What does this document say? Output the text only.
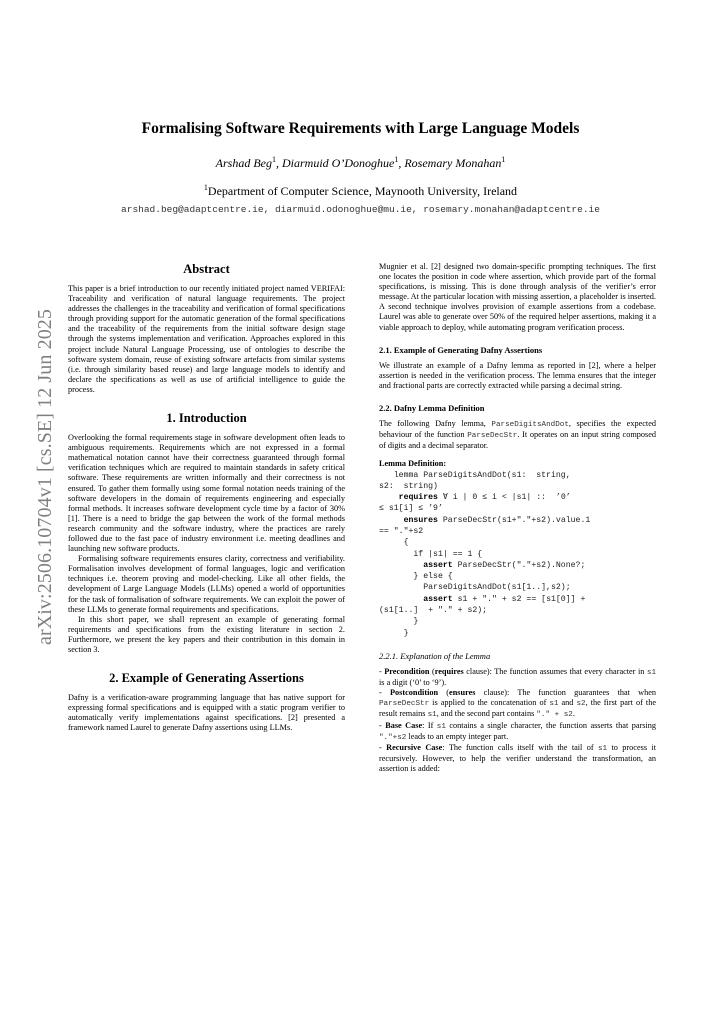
arXiv:2506.10704v1 [cs.SE] 12 Jun 2025
Formalising Software Requirements with Large Language Models
Arshad Beg$^1$, Diarmuid O’Donoghue$^1$, Rosemary Monahan$^1$
$^1$Department of Computer Science, Maynooth University, Ireland
arshad.beg@adaptcentre.ie, diarmuid.odonoghue@mu.ie, rosemary.monahan@adaptcentre.ie
Abstract

This paper is a brief introduction to our recently initiated project named VERIFAI: Traceability and verification of natural language requirements. The project addresses the challenges in the traceability and verification of formal specifications through providing support for the automatic generation of the formal specifications and the traceability of the requirements from the initial software design stage through the systems implementation and verification. Approaches explored in this project include Natural Language Processing, use of ontologies to describe the software system domain, reuse of existing software artefacts from similar systems (i.e. through similarity based reuse) and large language models to identify and declare the specifications as well as use of artificial intelligence to guide the process.

1. Introduction

Overlooking the formal requirements stage in software development often leads to ambiguous requirements. Requirements which are not expressed in a formal mathematical notation cannot have their correctness guaranteed through formal verification techniques which are required to maintain standards in safety critical software. These requirements are written informally and their correctness is not ensured. To gather them formally using some formal notation needs training of the software developers in the domain of requirements engineering and especially formal methods. It increases software development cycle time by a factor of 30% [1]. There is a need to bridge the gap between the work of the formal methods research community and the software industry, where the practices are rarely followed due to the fast pace of industry environment i.e. meeting deadlines and launching new software products.

Formalising software requirements ensures clarity, correctness and verifiability. Formalisation involves development of formal languages, logic and verification techniques i.e. theorem proving and model-checking. Like all other fields, the development of Large Language Models (LLMs) opened a world of opportunities for the task of formalisation of software requirements. We can exploit the power of these LLMs to generate formal requirements and specifications.

In this short paper, we shall represent an example of generating formal requirements and specifications from the existing literature in section 2. Furthermore, we present the key papers and their contribution in this domain in section 3.

2. Example of Generating Assertions

Dafny is a verification-aware programming language that has native support for expressing formal specifications and is equipped with a static program verifier to automatically verify implementations against specifications. [2] presented a framework named Laurel to generate Dafny assertions using LLMs.

Mugnier et al. [2] designed two domain-specific prompting techniques. The first one locates the position in code where assertion, which provide part of the formal specifications, is missing. This is done through analysis of the verifier’s error message. At the particular location with missing assertion, a placeholder is inserted. A second technique involves provision of example assertions from a codebase. Laurel was able to generate over 50% of the required helper assertions, making it a viable approach to deploy, while automating program verification process.

2.1. Example of Generating Dafny Assertions

We illustrate an example of a Dafny lemma as reported in [2], where a helper assertion is needed in the verification process. The lemma ensures that the integer and fractional parts are correctly extracted while parsing a decimal string.

2.2. Dafny Lemma Definition

The following Dafny lemma, ParseDigitsAndDot, specifies the expected behaviour of the function ParseDecStr. It operates on an input string composed of digits and a decimal separator.

Lemma Definition:
lemma ParseDigitsAndDot(s1:  string,
s2:  string)
requires ∀ i | 0 ≤ i < |s1| ::  ’0’
≤ s1[i] ≤ ’9’
ensures ParseDecStr(s1+"."+s2).value.1
== "."+s2
{
if |s1| == 1 {
assert ParseDecStr("."+s2).None?;
} else {
ParseDigitsAndDot(s1[1..],s2);
assert s1 + "." + s2 == [s1[0]] +
(s1[1..]  + "." + s2);
}
}
2.2.1. Explanation of the Lemma

- Precondition (requires clause): The function assumes that every character in s1 is a digit (‘0’ to ‘9’).

- Postcondition (ensures clause): The function guarantees that when ParseDecStr is applied to the concatenation of s1 and s2, the first part of the result remains s1, and the second part contains "." + s2.

- Base Case: If s1 contains a single character, the function asserts that parsing "."+s2 leads to an empty integer part.

- Recursive Case: The function calls itself with the tail of s1 to process it recursively. However, to help the verifier understand the transformation, an assertion is added:
